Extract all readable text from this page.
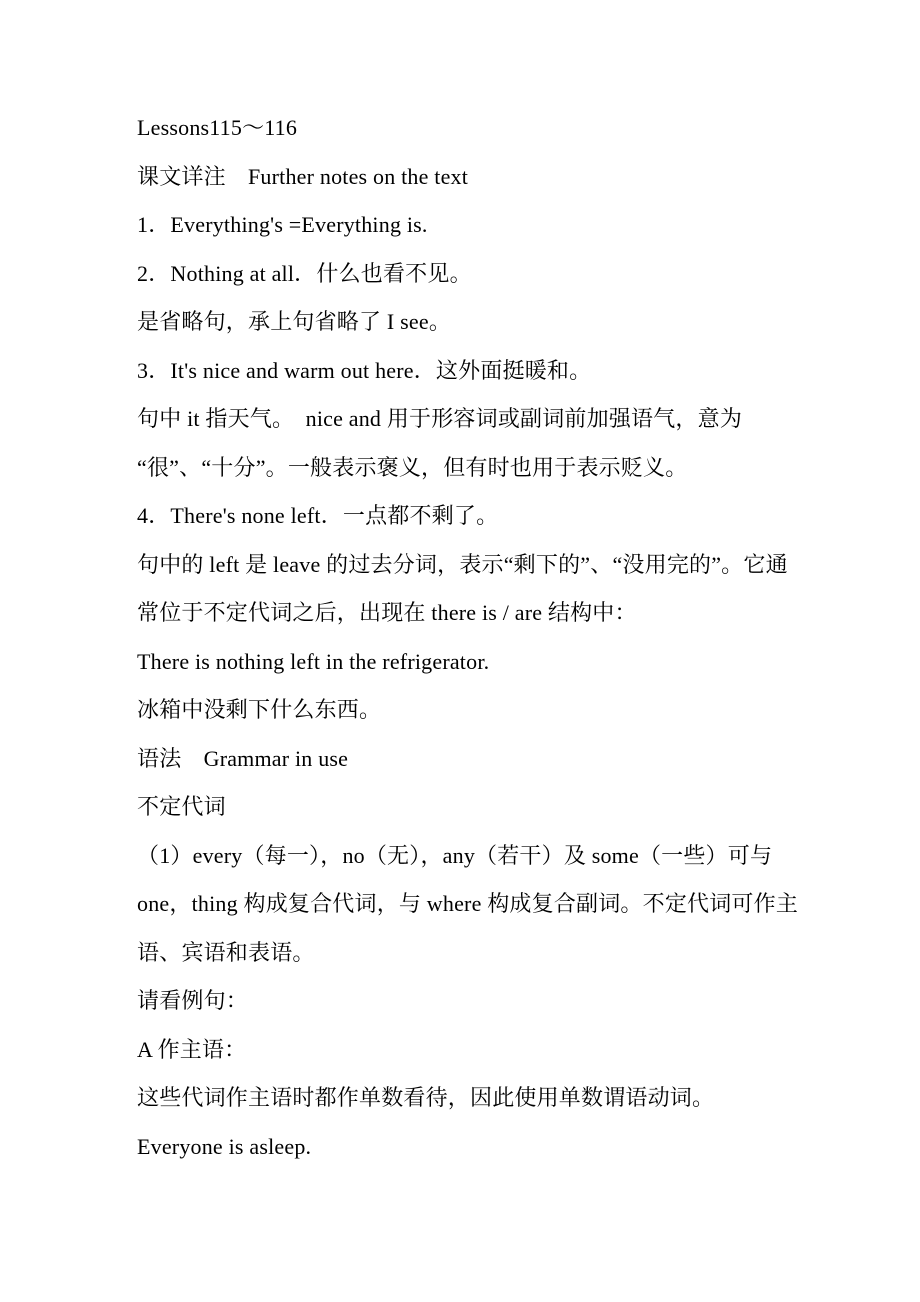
Lessons115～116
课文详注　Further notes on the text
1．Everything's =Everything is.
2．Nothing at all．什么也看不见。
是省略句，承上句省略了 I see。
3．It's nice and warm out here．这外面挺暖和。
句中 it 指天气。  nice and 用于形容词或副词前加强语气，意为
“很”、“十分”。一般表示褒义，但有时也用于表示贬义。
4．There's none left．一点都不剩了。
句中的 left 是 leave 的过去分词，表示“剩下的”、“没用完的”。它通
常位于不定代词之后，出现在 there is / are 结构中：
There is nothing left in the refrigerator.
冰箱中没剩下什么东西。
语法　Grammar in use
不定代词
（1）every（每一），no（无），any（若干）及 some（一些）可与
one，thing 构成复合代词，与 where 构成复合副词。不定代词可作主
语、宾语和表语。
请看例句：
A 作主语：
这些代词作主语时都作单数看待，因此使用单数谓语动词。
Everyone is asleep.
